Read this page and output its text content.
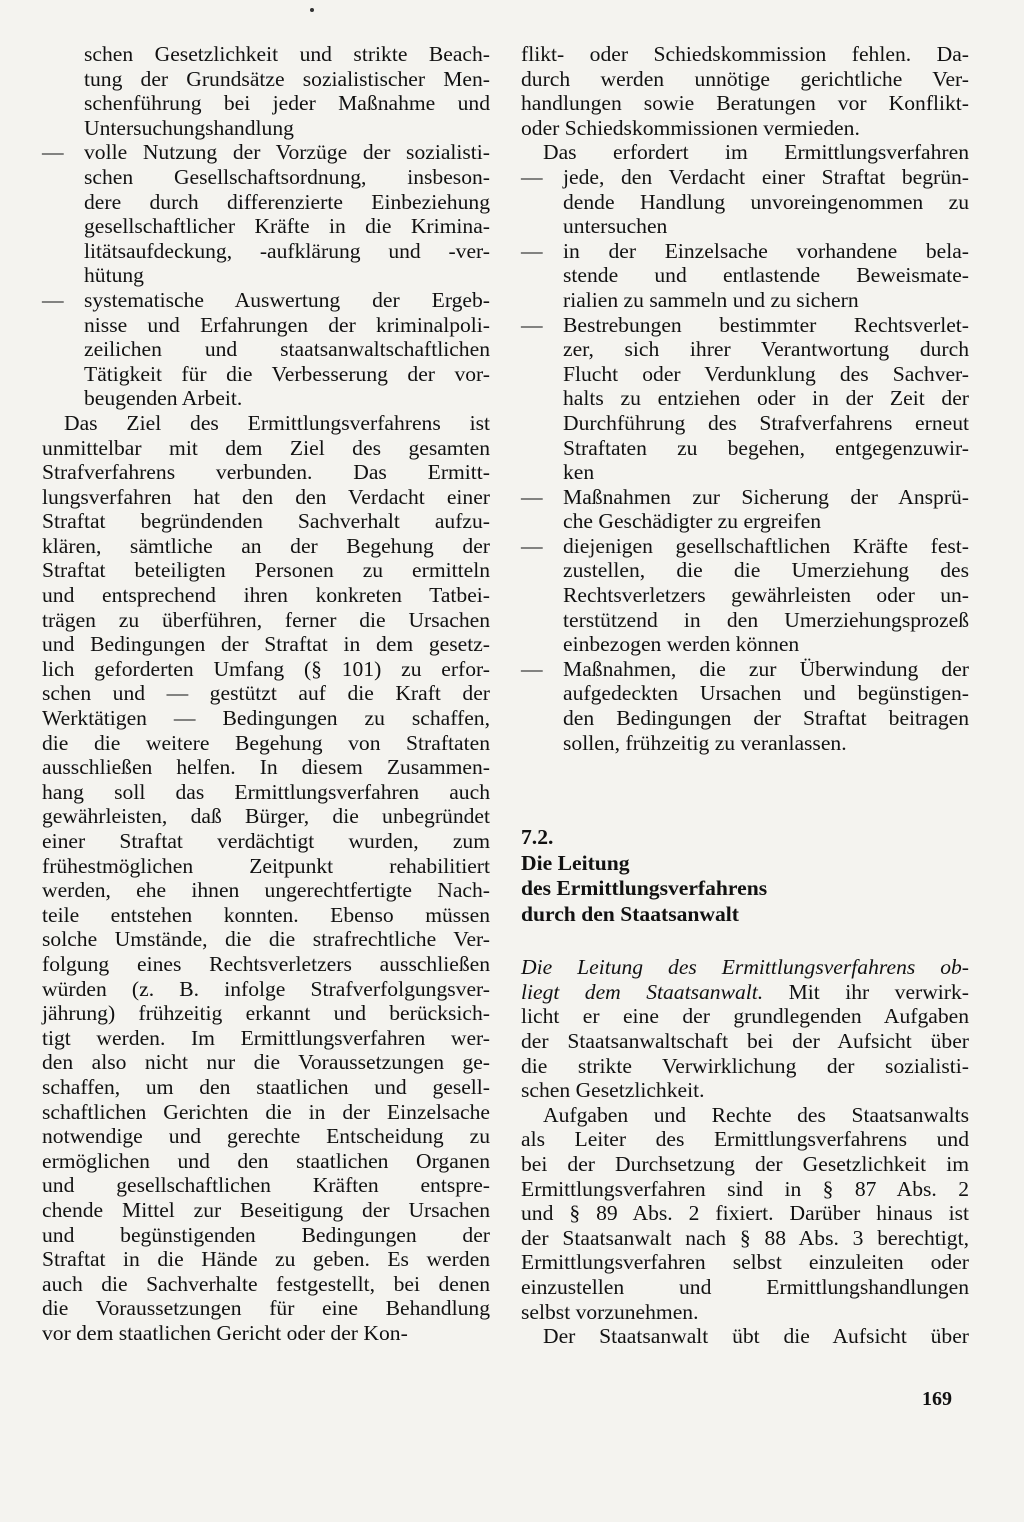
schen Gesetzlichkeit und strikte Beach-
tung der Grundsätze sozialistischer Men-
schenführung bei jeder Maßnahme und
Untersuchungshandlung
— volle Nutzung der Vorzüge der sozialisti-
schen Gesellschaftsordnung, insbeson-
dere durch differenzierte Einbeziehung
gesellschaftlicher Kräfte in die Krimina-
litätsaufdeckung, -aufklärung und -ver-
hütung
— systematische Auswertung der Ergeb-
nisse und Erfahrungen der kriminalpoli-
zeilichen und staatsanwaltschaftlichen
Tätigkeit für die Verbesserung der vor-
beugenden Arbeit.
Das Ziel des Ermittlungsverfahrens ist
unmittelbar mit dem Ziel des gesamten
Strafverfahrens verbunden. Das Ermitt-
lungsverfahren hat den den Verdacht einer
Straftat begründenden Sachverhalt aufzu-
klären, sämtliche an der Begehung der
Straftat beteiligten Personen zu ermitteln
und entsprechend ihren konkreten Tatbei-
trägen zu überführen, ferner die Ursachen
und Bedingungen der Straftat in dem gesetz-
lich geforderten Umfang (§ 101) zu erfor-
schen und — gestützt auf die Kraft der
Werktätigen — Bedingungen zu schaffen,
die die weitere Begehung von Straftaten
ausschließen helfen. In diesem Zusammen-
hang soll das Ermittlungsverfahren auch
gewährleisten, daß Bürger, die unbegründet
einer Straftat verdächtigt wurden, zum
frühestmöglichen Zeitpunkt rehabilitiert
werden, ehe ihnen ungerechtfertigte Nach-
teile entstehen konnten. Ebenso müssen
solche Umstände, die die strafrechtliche Ver-
folgung eines Rechtsverletzers ausschließen
würden (z. B. infolge Strafverfolgungsver-
jährung) frühzeitig erkannt und berücksich-
tigt werden. Im Ermittlungsverfahren wer-
den also nicht nur die Voraussetzungen ge-
schaffen, um den staatlichen und gesell-
schaftlichen Gerichten die in der Einzelsache
notwendige und gerechte Entscheidung zu
ermöglichen und den staatlichen Organen
und gesellschaftlichen Kräften entspre-
chende Mittel zur Beseitigung der Ursachen
und begünstigenden Bedingungen der
Straftat in die Hände zu geben. Es werden
auch die Sachverhalte festgestellt, bei denen
die Voraussetzungen für eine Behandlung
vor dem staatlichen Gericht oder der Kon-
flikt- oder Schiedskommission fehlen. Da-
durch werden unnötige gerichtliche Ver-
handlungen sowie Beratungen vor Konflikt-
oder Schiedskommissionen vermieden.
Das erfordert im Ermittlungsverfahren
— jede, den Verdacht einer Straftat begrün-
dende Handlung unvoreingenommen zu
untersuchen
— in der Einzelsache vorhandene bela-
stende und entlastende Beweismate-
rialien zu sammeln und zu sichern
— Bestrebungen bestimmter Rechtsverlet-
zer, sich ihrer Verantwortung durch
Flucht oder Verdunklung des Sachver-
halts zu entziehen oder in der Zeit der
Durchführung des Strafverfahrens erneut
Straftaten zu begehen, entgegenzuwir-
ken
— Maßnahmen zur Sicherung der Ansprü-
che Geschädigter zu ergreifen
— diejenigen gesellschaftlichen Kräfte fest-
zustellen, die die Umerziehung des
Rechtsverletzers gewährleisten oder un-
terstützend in den Umerziehungsprozeß
einbezogen werden können
— Maßnahmen, die zur Überwindung der
aufgedeckten Ursachen und begünstigen-
den Bedingungen der Straftat beitragen
sollen, frühzeitig zu veranlassen.
7.2.
Die Leitung
des Ermittlungsverfahrens
durch den Staatsanwalt
Die Leitung des Ermittlungsverfahrens ob-
liegt dem Staatsanwalt. Mit ihr verwirk-
licht er eine der grundlegenden Aufgaben
der Staatsanwaltschaft bei der Aufsicht über
die strikte Verwirklichung der sozialisti-
schen Gesetzlichkeit.
Aufgaben und Rechte des Staatsanwalts
als Leiter des Ermittlungsverfahrens und
bei der Durchsetzung der Gesetzlichkeit im
Ermittlungsverfahren sind in § 87 Abs. 2
und § 89 Abs. 2 fixiert. Darüber hinaus ist
der Staatsanwalt nach § 88 Abs. 3 berechtigt,
Ermittlungsverfahren selbst einzuleiten oder
einzustellen und Ermittlungshandlungen
selbst vorzunehmen.
Der Staatsanwalt übt die Aufsicht über
169
